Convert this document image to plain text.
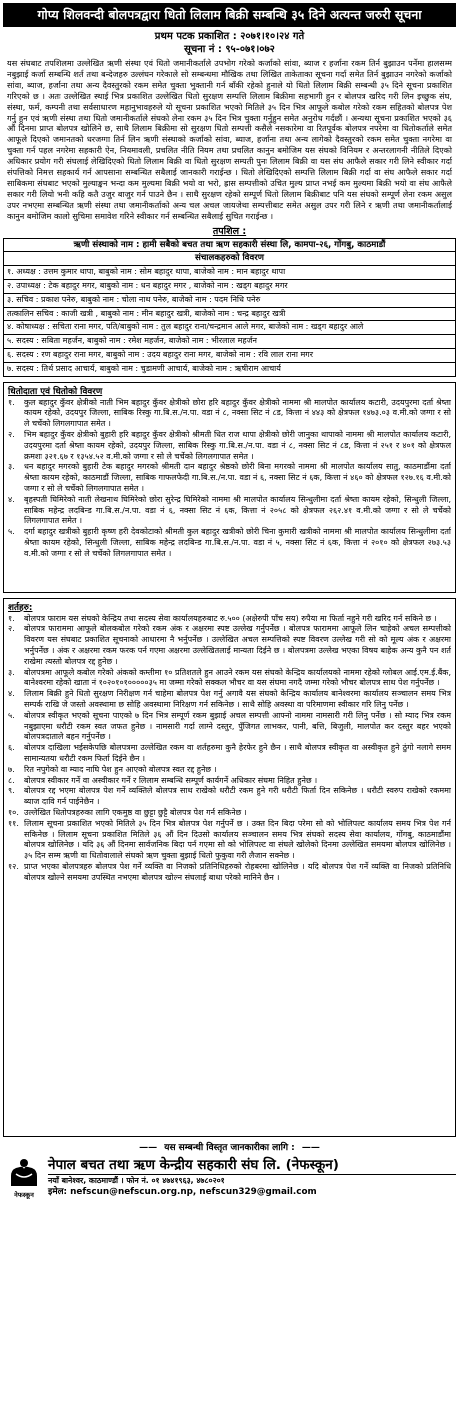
गोप्य शिलवन्दी बोलपत्रद्वारा धितो लिलाम बिक्री सम्बन्धि ३५ दिने अत्यन्त जरुरी सूचना
प्रथम पटक प्रकाशित : २०७१।१०।२४ गते
सूचना नं : ९५-०७१।०७२
यस संघबाट तपशिलमा उल्लेखित ऋणी संस्था एवं धितो जमानीकर्ताले उपभोग गरेको कर्जाको सांवा, ब्याज र हर्जाना रकम तिर्न बुझाउन पर्नेमा हालसम्म नबुझाई कर्जा सम्बन्धि शर्त तथा बन्देजहरु उल्लंघन गरेकाले सो सम्बन्धमा मौखिक तथा लिखित ताकेताका सूचना गर्दा समेत तिर्न बुझाउन नगरेको कर्जाको सांवा, ब्याज, हर्जाना तथा अन्य दैवस्तुरको रकम समेत चुक्ता भुक्तानी गर्न बाँकी रहेको हुनाले यो धितो लिलाम बिक्री सम्बन्धी ३५ दिने सूचना प्रकाशित गरिएको छ । अतः उल्लेखित स्थाई भित्र प्रकाशित उल्लेखित धितो सुरक्षण सम्पत्ति लिलाम बिक्रीमा सहभागी हुन र बोलपत्र खरिद गरी लिन इच्छुक संघ, संस्था, फर्म, कम्पनी तथा सर्वसाधारण महानुभावहरुले यो सूचना प्रकाशित भएको मितिले ३५ दिन भित्र आफूले कबोल गरेको रकम सहितको बोलपत्र पेश गर्नु हुन एवं ऋणी संस्था तथा धितो जमानीकर्ताले संघको लेना रकम ३५ दिन भित्र चुक्ता गर्नुहुन समेत अनुरोध गर्दछौं । अन्यथा सूचना प्रकाशित भएको ३६ औं दिनमा प्राप्त बोलपत्र खोलिने छ, साथै लिलाम बिक्रीमा सो सुरक्षण धितो सम्पत्ती कसैले नसकारेमा वा रितपूर्वक बोलपत्र नपरेमा वा धितोकर्ताले समेत आफूले दिएको जमानतको धरजग्गा तिर्न लिन ऋणी संस्थाको कर्जाको सांवा, ब्याज, हर्जाना तथा अन्य लागेको दैवस्तुरको रकम समेत चुक्ता नगरेमा वा चुक्ता गर्न पहल नगरेमा सहकारी ऐन, नियमावली, प्रचलित नीति नियम तथा प्रचलित कानुन बमोजिम यस संघको विनियम र अन्तरलागनी नीतिले दिएको अधिकार प्रयोग गरी संघलाई लेखिदिएको धितो लिलाम बिक्री वा धितो सुरक्षण सम्पती पुनः लिलाम बिक्री वा यस संघ आफैले सकार गरी लिने स्वीकार गर्दा संपत्तिको निमत्त सहकार्य गर्न आपसाना सम्बन्धित सबैलाई जानकारी गराईन्छ । धितो लेखिदिएको सम्पत्ति लिलाम बिक्री गर्दा वा संघ आफैले सकार गर्दा साबिकमा संघबाट भएको मुल्याङ्कन भन्दा कम मुल्यमा बिक्री भयो वा भरो, ह्रास सम्पत्तीको उचित मुल्य प्राप्त नभई कम मुल्यमा बिक्री भयो वा संघ आफैले सकार गरी लियो भनी कहि कतै उजुर बाजुर गर्न पाउने छैन । साथै सुरक्षण रहेको सम्पूर्ण धितो लिलाम बिक्रीबाट पनि यस संघको सम्पूर्ण लेना रकम असुल उपर नभएमा सम्बन्धित ऋणी संस्था तथा जमानीकर्ताको अन्य चल अचल जायजेथा सम्पत्तीबाट समेत असुल उपर गरी लिने र ऋणी तथा जमानीकर्तालाई कानुन बमोजिम कालो सुचिमा समावेश गरिने स्वीकार गर्न सम्बन्धित सबैलाई सुचित गराईन्छ ।
तपशिल :
ऋणी संस्थाको नाम : हामी सबैको बचत तथा ऋण सहकारी संस्था लि, कामपा-२६, गोंगबु, काठमाडौं
संचालकहरुको विवरण
१. अध्यक्ष : उत्तम कुमार थापा, बाबुको नाम : सोम बहादुर थापा, बाजेको नाम : मान बहादुर थापा
२. उपाध्यक्ष : टेक बहादुर मगर, बाबुको नाम : धन बहादुर मगर , बाजेको नाम : खड्ग बहादुर मगर
३. सचिव : प्रकाश पनेरु, बाबुको नाम : चोला नाथ पनेरु, बाजेको नाम : पदम निधि पनेरु
तत्कालिन सचिव : काजी खत्री , बाबुको नाम : मीन बहादुर खत्री, बाजेको नाम : चन्द्र बहादुर खत्री
४. कोषाध्यक्ष : सचिता राना मगर, पति/बाबुको नाम : तुल बहादुर राना/चन्द्रमान आले मगर, बाजेको नाम : खड्ग बहादुर आले
५. सदस्य : सबिता महर्जन, बाबुको नाम : रमेश महर्जन, बाजेको नाम : भीरलाल महर्जन
६. सदस्य : रण बहादुर राना मगर, बाबुको नाम : उदय बहादुर राना मगर, बाजेको नाम : रवि लाल राना मगर
७. सदस्य : तिर्थ प्रसाद आचार्य, बाबुको नाम : चुडामणी आचार्य, बाजेको नाम : ऋषीराम आचार्य
धितोदाता एवं धितोको विवरण
१.	कुल बहादुर कुँवर क्षेत्रीको नाती भिम बहादुर कुँवर क्षेत्रीको छोरा हरि बहादुर कुँवर क्षेत्रीको नाममा श्री मालपोत कार्यालय कटारी, उदयपुरमा दर्ता श्रेष्ता कायम रहेको, उदयपुर जिल्ला, साबिक रिस्कु गा.बि.स./न.पा. वडा नं ८, नक्सा सिट नं ८ड, कित्ता नं ४४३ को क्षेत्रफल १४७३.०३ व.मी.को जग्गा र सो ले चर्चेको लिगलगापात समेत ।
२.	भिम बहादुर कुँवर क्षेत्रीको बुहारी हरि बहादुर कुँवर क्षेत्रीको श्रीमती धित राज थापा क्षेत्रीको छोरी जानुका थापाको नाममा श्री मालपोत कार्यालय कटारी, उदयपुरमा दर्ता श्रेष्ता कायम रहेको, उदयपुर जिल्ला, साबिक रिस्कु गा.बि.स./न.पा. वडा नं ८, नक्सा सिट नं ८ड, कित्ता नं २५१ र ४०१ को क्षेत्रफल क्रमशः ३२१.६७ र १३५४.५२ व.मी.को जग्गा र सो ले चर्चेको लिगलगापात समेत ।
३.	धन बहादुर मगरको बुहारी टेक बहादुर मगरको श्रीमती दान बहादुर श्रेष्ठको छोरी बिना मगरको नाममा श्री मालपोत कार्यालय सातु, काठमाडौंमा दर्ता श्रेष्ता कायम रहेको, काठमाडौं जिल्ला, साबिक गाफलफेदी गा.बि.स./न.पा. वडा नं ६, नक्सा सिट नं ६क, कित्ता नं ४६० को क्षेत्रफल १२७.१६ व.मी.को जग्गा र सो ले चर्चेको लिगलगापात समेत ।
४.	बृहस्पती घिमिरेको नाती लेखनाथ घिमिरेको छोरा सुरेन्द्र घिमिरेको नाममा श्री मालपोत कार्यालय सिन्धुलीमा दर्ता श्रेष्ता कायम रहेको, सिन्धुली जिल्ला, साबिक महेन्द्र लदबिन्ड गा.बि.स./न.पा. वडा नं ६, नक्सा सिट नं ६क, कित्ता नं २०५८ को क्षेत्रफल २६२.४१ व.मी.को जग्गा र सो ले चर्चेको लिगलगापात समेत ।
५.	दर्गा बहादुर खत्रीको बुहारी कृष्ण हरी देवकोटाको श्रीमती कुल बहादुर खत्रीको छोरी चिना कुमारी खत्रीको नाममा श्री मालपोत कार्यालय सिन्धुलीमा दर्ता श्रेष्ता कायम रहेको, सिन्धुली जिल्ला, साबिक महेन्द्र लदबिन्ड गा.बि.स./न.पा. वडा नं ५, नक्सा सिट नं ६क, कित्ता नं २०१० को क्षेत्रफल २७३.५३ व.मी.को जग्गा र सो ले चर्चेको लिगलगापात समेत ।
शर्तहरु:
१.	बोलपत्र फाराम यस संघको केन्द्रिय तथा सदस्य सेवा कार्यालयहरुबाट रु.५०० (अक्षेरुपी पाँच सय) रुपैया मा फिर्ता नहुने गरी खरिद गर्न सकिने छ ।
२.	बोलपत्र फाराममा आफूले बोलकबोल गरेको रकम अंक र अक्षरमा स्पष्ट उल्लेख गर्नुपर्नेछ । बोलपत्र फाराममा आफूले लिन चाहेको अचल सम्पत्तीको विवरण यस संघबाट प्रकाशित सूचनाको आधारमा नै भर्नुपर्नेछ । उल्लेखित अचल सम्पत्तिको स्पष्ट विवरण उल्लेख गरी सो को मूल्य अंक र अक्षरमा भर्नुपर्नेछ । अंक र अक्षरमा रकम फरक पर्न गएमा अक्षरमा उल्लेखितलाई मान्यता दिईने छ । बोलपत्रमा उल्लेख भएका विषय बाहेक अन्य कुनै पन शर्त राखेमा त्यस्तो बोलपत्र रद्द हुनेछ ।
३.	बोलपत्रमा आफूले कबोल गरेको अंकको कम्तीमा १० प्रतिशतले हुन आउने रकम यस संघको केन्द्रिय कार्यालयको नाममा रहेको ग्लोबल आई.एम.ई.बैंक, बानेश्वरमा रहेको खाता नं १०२०१०१०००००३५ मा जम्मा गरेको सक्कल भौचर वा यस संघमा नगदै जम्मा गरेको भौचर बोलपत्र साथ पेश गर्नुपर्नेछ ।
४.	लिलाम बिक्री हुने धितो सुरक्षण निरीक्षण गर्न चाहेमा बोलपत्र पेश गर्नु अगावै यस संघको केन्द्रिय कार्यालय बानेश्वरमा कार्यालय सञ्चालन समय भित्र सम्पर्क राखि जे जस्तो अवस्थामा छ सोहि अवस्थामा निरिक्षण गर्न सकिनेछ । साथै सोहि अवस्था वा परिमाणमा स्वीकार गरि लिनु पर्नेछ ।
५.	बोलपत्र स्वीकृत भएको सूचना पाएको ७ दिन भित्र सम्पूर्ण रकम बुझाई अचल सम्पत्ती आफ्नो नाममा नामसारी गरी लिनु पर्नेछ । सो म्याद भित्र रकम नबुझाएमा धरौटी रकम स्वत जफत हुनेछ । नामसारी गर्दा लाग्ने दस्तुर, पुँजिगत लाभकर, पानी, बत्ति, बिजुली, मालपोत कर दस्तुर बहर भएको बोलपत्रदाताले बहन गर्नुपर्नेछ ।
६.	बोलपत्र दाखिला भईसकेपछि बोलपत्रमा उल्लेखित रकम वा शर्तहरुमा कुनै हेरफेर हुने छैन । साथै बोलपत्र स्वीकृत वा अस्वीकृत हुने ठुंगो नलागे समम सामान्यतया धरौटी रकम फिर्ता दिईने छैन ।
७.	रित नपुगेको वा म्याद नाघि पेश हुन आएको बोलपत्र स्वत रद्द हुनेछ ।
८.	बोलपत्र स्वीकार गर्ने वा अस्वीकार गर्ने र लिलाम सम्बन्धि सम्पूर्ण कार्यगर्ने अधिकार संघमा निहित हुनेछ ।
९.	बोलपत्र रद्द भएमा बोलपत्र पेश गर्ने व्यक्तिले बोलपत्र साथ राखेको धरौटी रकम हुने गरी धरौटी फिर्ता दिन सकिनेछ । धरौटी स्वरुप राखेको रकममा ब्याज दावि गर्न पाईनेछैन ।
१०. उल्लेखित धितोपत्रहरुका लागि एकमुष्ठ वा छुट्टा छुट्टै बोलपत्र पेश गर्न सकिनेछ ।
११. लिलाम सूचना प्रकाशित भएको मितिले ३५ दिन भित्र बोलपत्र पेश गर्नुपर्ने छ । उक्त दिन बिदा परेमा सो को भोलिपल्ट कार्यालय समय भित्र पेश गर्न सकिनेछ । लिलाम सूचना प्रकाशित मितिले ३६ औं दिन दिउसो कार्यालय सञ्चालन समय भित्र संघको सदस्य सेवा कार्यालय, गोंगबु, काठमाडौंमा बोलपत्र खोलिनेछ । यदि ३६ औं दिनमा सार्वजनिक बिदा पर्न गएमा सो को भोलिपल्ट वा संघले खोलेको दिनमा उल्लेखित समयमा बोलपत्र खोलिनेछ । ३५ दिन सम्म ऋणी वा धितोवालाले संघको ऋण चुक्ता बुझाई धितो फुकुवा गरी लैजान सक्नेछ ।
१२. प्राप्त भएका बोलपत्रहरु बोलपत्र पेश गर्ने व्यक्ति वा निजको प्रतिनिधिहरुको रोहबरमा खोलिनेछ । यदि बोलपत्र पेश गर्ने व्यक्ति वा निजको प्रतिनिधि बोलपत्र खोल्ने समयमा उपस्थित नभएमा बोलपत्र खोल्न संघलाई बाधा परेको मानिने छैन ।
—— यस सम्बन्धी विस्तृत जानकारीका लागि : ——
नेफस्कून
नेपाल बचत तथा ऋण केन्द्रीय सहकारी संघ लि. (नेफस्कून)
नयाँ बानेश्वर, काठमाण्डौं । फोन नं. ०१ ४७४१९६३, ४७८०२०१
इमेल: nefscun@nefscun.org.np, nefscun329@gmail.com
